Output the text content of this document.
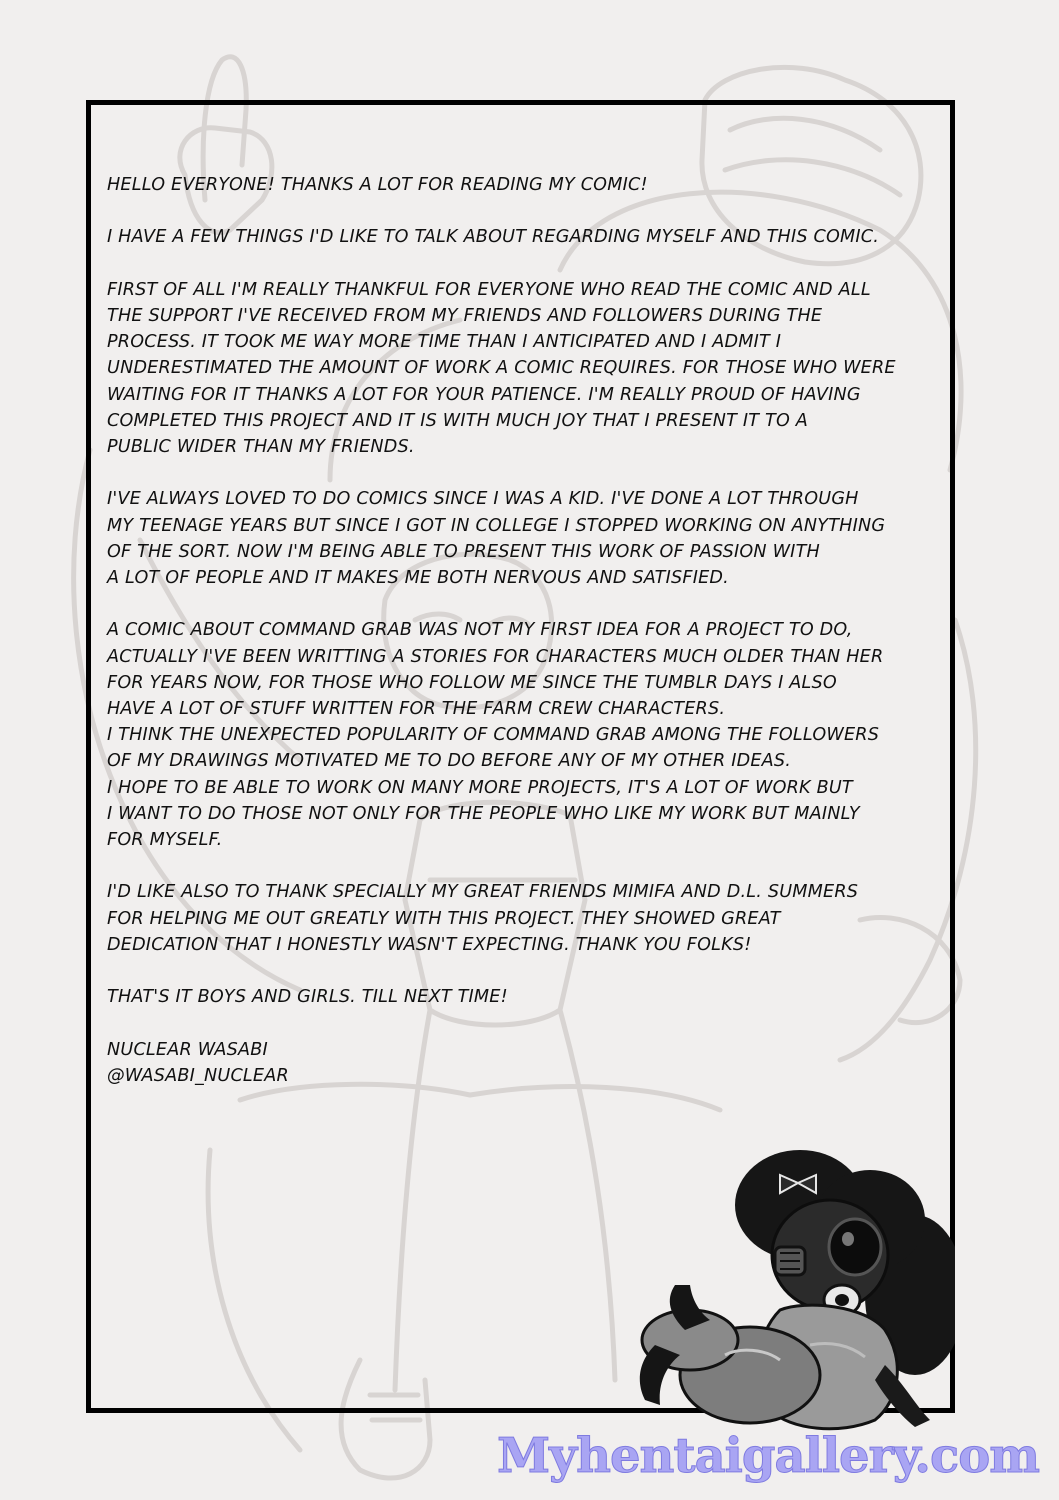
HELLO EVERYONE! THANKS A LOT FOR READING MY COMIC!

I HAVE A FEW THINGS I'D LIKE TO TALK ABOUT REGARDING MYSELF AND THIS COMIC.

FIRST OF ALL I'M REALLY THANKFUL FOR EVERYONE WHO READ THE COMIC AND ALL
THE SUPPORT I'VE RECEIVED FROM MY FRIENDS AND FOLLOWERS DURING THE
PROCESS. IT TOOK ME WAY MORE TIME THAN I ANTICIPATED AND I ADMIT I
UNDERESTIMATED THE AMOUNT OF WORK A COMIC REQUIRES. FOR THOSE WHO WERE
WAITING FOR IT THANKS A LOT FOR YOUR PATIENCE. I'M REALLY PROUD OF HAVING
COMPLETED THIS PROJECT AND IT IS WITH MUCH JOY THAT I PRESENT IT TO A
PUBLIC WIDER THAN MY FRIENDS.

I'VE ALWAYS LOVED TO DO COMICS SINCE I WAS A KID. I'VE DONE A LOT THROUGH
MY TEENAGE YEARS BUT SINCE I GOT IN COLLEGE I STOPPED WORKING ON ANYTHING
OF THE SORT. NOW I'M BEING ABLE TO PRESENT THIS WORK OF PASSION WITH
A LOT OF PEOPLE AND IT MAKES ME BOTH NERVOUS AND SATISFIED.

A COMIC ABOUT COMMAND GRAB WAS NOT MY FIRST IDEA FOR A PROJECT TO DO,
ACTUALLY I'VE BEEN WRITTING A STORIES FOR CHARACTERS MUCH OLDER THAN HER
FOR YEARS NOW, FOR THOSE WHO FOLLOW ME SINCE THE TUMBLR DAYS I ALSO
HAVE A LOT OF STUFF WRITTEN FOR THE FARM CREW CHARACTERS.
I THINK THE UNEXPECTED POPULARITY OF COMMAND GRAB AMONG THE FOLLOWERS
OF MY DRAWINGS MOTIVATED ME TO DO BEFORE ANY OF MY OTHER IDEAS.
I HOPE TO BE ABLE TO WORK ON MANY MORE PROJECTS, IT'S A LOT OF WORK BUT
I WANT TO DO THOSE NOT ONLY FOR THE PEOPLE WHO LIKE MY WORK BUT MAINLY
FOR MYSELF.

I'D LIKE ALSO TO THANK SPECIALLY MY GREAT FRIENDS MIMIFA AND D.L. SUMMERS
FOR HELPING ME OUT GREATLY WITH THIS PROJECT. THEY SHOWED GREAT
DEDICATION THAT I HONESTLY WASN'T EXPECTING. THANK YOU FOLKS!

THAT'S IT BOYS AND GIRLS. TILL NEXT TIME!

NUCLEAR WASABI
@WASABI_NUCLEAR

Myhentaigallery.com
